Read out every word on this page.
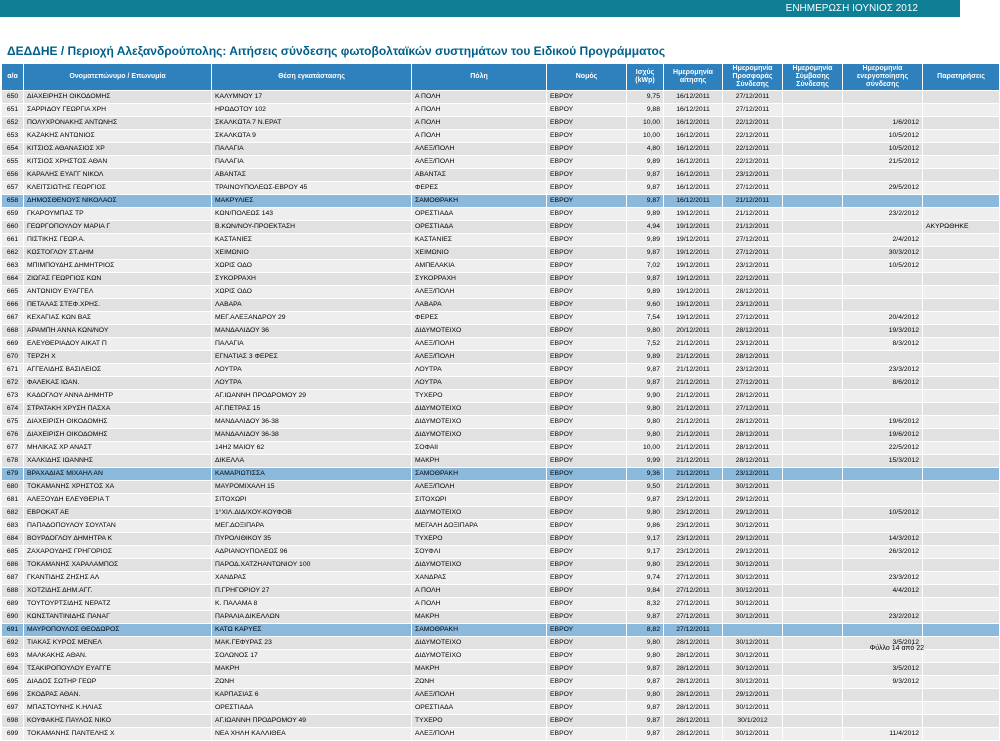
ΕΝΗΜΕΡΩΣΗ ΙΟΥΝΙΟΣ 2012
ΔΕΔΔΗΕ / Περιοχή Αλεξανδρούπολης: Αιτήσεις σύνδεσης φωτοβολταϊκών συστημάτων του Ειδικού Προγράμματος
α/α	Ονοματεπώνυμο / Επωνυμία	Θέση εγκατάστασης	Πόλη	Νομός	Ισχύς (kWp)	Ημερομηνία αίτησης	Ημερομηνία Προσφοράς Σύνδεσης	Ημερομηνία Σύμβασης Σύνδεσης	Ημερομηνία ενεργοποίησης σύνδεσης	Παρατηρήσεις
650	ΔΙΑΧΕΙΡΗΣΗ ΟΙΚΟΔΟΜΗΣ	ΚΑΛΥΜΝΟΥ 17	Α ΠΟΛΗ	ΕΒΡΟΥ	9,75	16/12/2011	27/12/2011			
651	ΣΑΡΡΙΔΟΥ ΓΕΩΡΓΙΑ ΧΡΗ	ΗΡΩΔΟΤΟΥ 102	Α ΠΟΛΗ	ΕΒΡΟΥ	9,88	16/12/2011	27/12/2011			
652	ΠΟΛΥΧΡΟΝΑΚΗΣ ΑΝΤΩΝΗΣ	ΣΚΑΛΚΩΤΑ 7 Ν.ΕΡΑΤ	Α ΠΟΛΗ	ΕΒΡΟΥ	10,00	16/12/2011	22/12/2011		1/6/2012	
653	ΚΑΖΑΚΗΣ ΑΝΤΩΝΙΟΣ	ΣΚΑΛΚΩΤΑ 9	Α ΠΟΛΗ	ΕΒΡΟΥ	10,00	16/12/2011	22/12/2011		10/5/2012	
654	ΚΙΤΣΙΟΣ ΑΘΑΝΑΣΙΟΣ ΧΡ	ΠΑΛΑΓΙΑ	ΑΛΕΞ/ΠΟΛΗ	ΕΒΡΟΥ	4,80	16/12/2011	22/12/2011		10/5/2012	
655	ΚΙΤΣΙΟΣ ΧΡΗΣΤΟΣ ΑΘΑΝ	ΠΑΛΑΓΙΑ	ΑΛΕΞ/ΠΟΛΗ	ΕΒΡΟΥ	9,89	16/12/2011	22/12/2011		21/5/2012	
656	ΚΑΡΑΛΗΣ ΕΥΑΓΓ ΝΙΚΟΛ	ΑΒΑΝΤΑΣ	ΑΒΑΝΤΑΣ	ΕΒΡΟΥ	9,87	16/12/2011	23/12/2011			
657	ΚΛΕΙΤΣΙΩΤΗΣ ΓΕΩΡΓΙΟΣ	ΤΡΑΙΝΟΥΠΟΛΕΩΣ-ΕΒΡΟΥ 45	ΦΕΡΕΣ	ΕΒΡΟΥ	9,87	16/12/2011	27/12/2011		29/5/2012	
658	ΔΗΜΟΣΘΕΝΟΥΣ ΝΙΚΟΛΑΟΣ	ΜΑΚΡΥΛΙΕΣ	ΣΑΜΟΘΡΑΚΗ	ΕΒΡΟΥ	9,87	16/12/2011	21/12/2011			
659	ΓΚΑΡΟΥΜΠΑΣ ΤΡ	ΚΩΝ/ΠΟΛΕΩΣ 143	ΟΡΕΣΤΙΑΔΑ	ΕΒΡΟΥ	9,89	19/12/2011	21/12/2011		23/2/2012	
660	ΓΕΩΡΓΟΠΟΥΛΟΥ ΜΑΡΙΑ Γ	Β.ΚΩΝ/ΝΟΥ-ΠΡΟΕΚΤΑΣΗ	ΟΡΕΣΤΙΑΔΑ	ΕΒΡΟΥ	4,94	19/12/2011	21/12/2011			ΑΚΥΡΩΘΗΚΕ
661	ΠΙΣΤΙΚΗΣ ΓΕΩΡ.Α.	ΚΑΣΤΑΝΙΕΣ	ΚΑΣΤΑΝΙΕΣ	ΕΒΡΟΥ	9,89	19/12/2011	27/12/2011		2/4/2012	
662	ΚΩΣΤΟΓΛΟΥ ΣΤ.ΔΗΜ	ΧΕΙΜΩΝΙΟ	ΧΕΙΜΩΝΙΟ	ΕΒΡΟΥ	9,87	19/12/2011	27/12/2011		30/3/2012	
663	ΜΠΙΜΠΟΥΔΗΣ ΔΗΜΗΤΡΙΟΣ	ΧΩΡΙΣ ΟΔΟ	ΑΜΠΕΛΑΚΙΑ	ΕΒΡΟΥ	7,02	19/12/2011	23/12/2011		10/5/2012	
664	ΖΙΩΓΑΣ ΓΕΩΡΓΙΟΣ ΚΩΝ	ΣΥΚΟΡΡΑΧΗ	ΣΥΚΟΡΡΑΧΗ	ΕΒΡΟΥ	9,87	19/12/2011	22/12/2011			
665	ΑΝΤΩΝΙΟΥ ΕΥΑΓΓΕΛ	ΧΩΡΙΣ ΟΔΟ	ΑΛΕΞ/ΠΟΛΗ	ΕΒΡΟΥ	9,89	19/12/2011	28/12/2011			
666	ΠΕΤΑΛΑΣ ΣΤΕΦ.ΧΡΗΣ.	ΛΑΒΑΡΑ	ΛΑΒΑΡΑ	ΕΒΡΟΥ	9,60	19/12/2011	23/12/2011			
667	ΚΕΧΑΓΙΑΣ ΚΩΝ ΒΑΣ	ΜΕΓ.ΑΛΕΞΑΝΔΡΟΥ 29	ΦΕΡΕΣ	ΕΒΡΟΥ	7,54	19/12/2011	27/12/2011		20/4/2012	
668	ΑΡΑΜΠΗ ΑΝΝΑ ΚΩΝ/ΝΟΥ	ΜΑΝΔΑΛΙΔΟΥ 36	ΔΙΔΥΜΟΤΕΙΧΟ	ΕΒΡΟΥ	9,80	20/12/2011	28/12/2011		19/3/2012	
669	ΕΛΕΥΘΕΡΙΑΔΟΥ ΑΙΚΑΤ Π	ΠΑΛΑΓΙΑ	ΑΛΕΞ/ΠΟΛΗ	ΕΒΡΟΥ	7,52	21/12/2011	23/12/2011		8/3/2012	
670	ΤΕΡΖΗ Χ	ΕΓΝΑΤΙΑΣ 3 ΦΕΡΕΣ	ΑΛΕΞ/ΠΟΛΗ	ΕΒΡΟΥ	9,89	21/12/2011	28/12/2011			
671	ΑΓΓΕΛΙΔΗΣ ΒΑΣΙΛΕΙΟΣ	ΛΟΥΤΡΑ	ΛΟΥΤΡΑ	ΕΒΡΟΥ	9,87	21/12/2011	23/12/2011		23/3/2012	
672	ΦΑΛΕΚΑΣ ΙΩΑΝ.	ΛΟΥΤΡΑ	ΛΟΥΤΡΑ	ΕΒΡΟΥ	9,87	21/12/2011	27/12/2011		8/6/2012	
673	ΚΑΔΟΓΛΟΥ ΑΝΝΑ ΔΗΜΗΤΡ	ΑΓ.ΙΩΑΝΝΗ ΠΡΟΔΡΟΜΟΥ 29	ΤΥΧΕΡΟ	ΕΒΡΟΥ	9,90	21/12/2011	28/12/2011			
674	ΣΤΡΑΤΑΚΗ ΧΡΥΣΗ ΠΑΣΧΑ	ΑΓ.ΠΕΤΡΑΣ 15	ΔΙΔΥΜΟΤΕΙΧΟ	ΕΒΡΟΥ	9,80	21/12/2011	27/12/2011			
675	ΔΙΑΧΕΙΡΙΣΗ ΟΙΚΟΔΟΜΗΣ	ΜΑΝΔΑΛΙΔΟΥ 36-38	ΔΙΔΥΜΟΤΕΙΧΟ	ΕΒΡΟΥ	9,80	21/12/2011	28/12/2011		19/6/2012	
676	ΔΙΑΧΕΙΡΙΣΗ ΟΙΚΟΔΟΜΗΣ	ΜΑΝΔΑΛΙΔΟΥ 36-38	ΔΙΔΥΜΟΤΕΙΧΟ	ΕΒΡΟΥ	9,80	21/12/2011	28/12/2011		19/6/2012	
677	ΜΗΛΙΚΑΣ ΧΡ ΑΝΑΣΤ	14Η2 ΜΑΙΟΥ 62	ΣΟΦΑΙΙ	ΕΒΡΟΥ	10,00	21/12/2011	28/12/2011		22/5/2012	
678	ΧΑΛΚΙΔΗΣ ΙΩΑΝΝΗΣ	ΔΙΚΕΛΛΑ	ΜΑΚΡΗ	ΕΒΡΟΥ	9,99	21/12/2011	28/12/2011		15/3/2012	
679	ΒΡΑΧΑΔΙΑΣ ΜΙΧΑΗΛ ΑΝ	ΚΑΜΑΡΙΩΤΙΣΣΑ	ΣΑΜΟΘΡΑΚΗ	ΕΒΡΟΥ	9,36	21/12/2011	23/12/2011			
680	ΤΟΚΑΜΑΝΗΣ ΧΡΗΣΤΟΣ ΧΑ	ΜΑΥΡΟΜΙΧΑΛΗ 15	ΑΛΕΞ/ΠΟΛΗ	ΕΒΡΟΥ	9,50	21/12/2011	30/12/2011			
681	ΑΛΕΞΟΥΔΗ ΕΛΕΥΘΕΡΙΑ Τ	ΣΙΤΟΧΩΡΙ	ΣΙΤΟΧΩΡΙ	ΕΒΡΟΥ	9,87	23/12/2011	29/12/2011			
682	ΕΒΡΟΚΑΤ ΑΕ	1°ΧΙΛ.ΔΙΔ/ΧΟΥ-ΚΟΥΦΟΒ	ΔΙΔΥΜΟΤΕΙΧΟ	ΕΒΡΟΥ	9,80	23/12/2011	29/12/2011		10/5/2012	
683	ΠΑΠΑΔΟΠΟΥΛΟΥ ΣΟΥΛΤΑΝ	ΜΕΓ.ΔΟΞΙΠΑΡΑ	ΜΕΓΑΛΗ ΔΟΞΙΠΑΡΑ	ΕΒΡΟΥ	9,86	23/12/2011	30/12/2011			
684	ΒΟΥΡΔΟΓΛΟΥ ΔΗΜΗΤΡΑ Κ	ΠΥΡΟΛΙΘΙΚΟΥ 35	ΤΥΧΕΡΟ	ΕΒΡΟΥ	9,17	23/12/2011	29/12/2011		14/3/2012	
685	ΖΑΧΑΡΟΥΔΗΣ ΓΡΗΓΟΡΙΟΣ	ΑΔΡΙΑΝΟΥΠΟΛΕΩΣ 96	ΣΟΥΦΛΙ	ΕΒΡΟΥ	9,17	23/12/2011	29/12/2011		26/3/2012	
686	ΤΟΚΑΜΑΝΗΣ ΧΑΡΑΛΑΜΠΟΣ	ΠΑΡΟΔ.ΧΑΤΖΗΑΝΤΩΝΙΟΥ 100	ΔΙΔΥΜΟΤΕΙΧΟ	ΕΒΡΟΥ	9,80	23/12/2011	30/12/2011			
687	ΓΚΑΝΤΙΔΗΣ ΖΗΣΗΣ ΑΛ	ΧΑΝΔΡΑΣ	ΧΑΝΔΡΑΣ	ΕΒΡΟΥ	9,74	27/12/2011	30/12/2011		23/3/2012	
688	ΧΟΤΖΙΔΗΣ ΔΗΜ.ΑΓΓ.	Π.ΓΡΗΓΟΡΙΟΥ 27	Α ΠΟΛΗ	ΕΒΡΟΥ	9,84	27/12/2011	30/12/2011		4/4/2012	
689	ΤΟΥΤΟΥΡΤΣΙΔΗΣ ΝΕΡΑΤΖ	Κ. ΠΑΛΑΜΑ 8	Α ΠΟΛΗ	ΕΒΡΟΥ	8,32	27/12/2011	30/12/2011			
690	ΚΩΝΣΤΑΝΤΙΝΙΔΗΣ ΠΑΝΑΓ	ΠΑΡΑΛΙΑ ΔΙΚΕΛΛΩΝ	ΜΑΚΡΗ	ΕΒΡΟΥ	9,87	27/12/2011	30/12/2011		23/2/2012	
691	ΜΑΥΡΟΠΟΥΛΟΣ ΘΕΟΔΩΡΟΣ	ΚΑΤΩ ΚΑΡΥΕΣ	ΣΑΜΟΘΡΑΚΗ	ΕΒΡΟΥ	8,82	27/12/2011				
692	ΤΙΑΚΑΣ ΚΥΡΟΣ ΜΕΝΕΛ	ΜΑΚ.ΓΕΦΥΡΑΣ 23	ΔΙΔΥΜΟΤΕΙΧΟ	ΕΒΡΟΥ	9,80	28/12/2011	30/12/2011		3/5/2012	
693	ΜΑΛΚΑΚΗΣ ΑΘΑΝ.	ΣΟΛΩΝΟΣ 17	ΔΙΔΥΜΟΤΕΙΧΟ	ΕΒΡΟΥ	9,80	28/12/2011	30/12/2011			
694	ΤΣΑΚΙΡΟΠΟΥΛΟΥ ΕΥΑΓΓΕ	ΜΑΚΡΗ	ΜΑΚΡΗ	ΕΒΡΟΥ	9,87	28/12/2011	30/12/2011		3/5/2012	
695	ΔΙΑΔΟΣ ΣΩΤΗΡ ΓΕΩΡ	ΖΩΝΗ	ΖΩΝΗ	ΕΒΡΟΥ	9,87	28/12/2011	30/12/2011		9/3/2012	
696	ΣΚΟΔΡΑΣ ΑΘΑΝ.	ΚΑΡΠΑΣΙΑΣ 6	ΑΛΕΞ/ΠΟΛΗ	ΕΒΡΟΥ	9,80	28/12/2011	29/12/2011			
697	ΜΠΑΣΤΟΥΝΗΣ Κ.ΗΛΙΑΣ	ΟΡΕΣΤΙΑΔΑ	ΟΡΕΣΤΙΑΔΑ	ΕΒΡΟΥ	9,87	28/12/2011	30/12/2011			
698	ΚΟΥΦΑΚΗΣ ΠΑΥΛΟΣ ΝΙΚΟ	ΑΓ.ΙΩΑΝΝΗ ΠΡΟΔΡΟΜΟΥ 49	ΤΥΧΕΡΟ	ΕΒΡΟΥ	9,87	28/12/2011	30/1/2012			
699	ΤΟΚΑΜΑΝΗΣ ΠΑΝΤΕΛΗΣ Χ	ΝΕΑ ΧΗΛΗ ΚΑΛΛΙΘΕΑ	ΑΛΕΞ/ΠΟΛΗ	ΕΒΡΟΥ	9,87	28/12/2011	30/12/2011		11/4/2012	
Φύλλο 14 από 22
